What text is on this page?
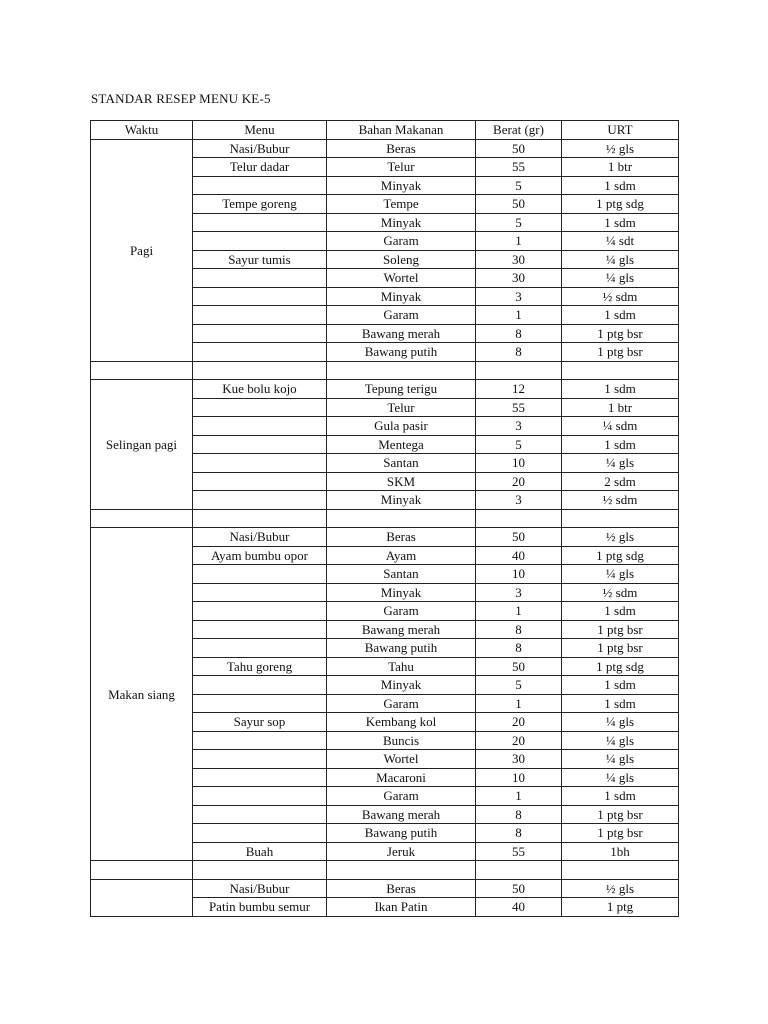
STANDAR RESEP MENU KE-5
Waktu	Menu	Bahan Makanan	Berat (gr)	URT
Pagi	Nasi/Bubur	Beras	50	½ gls
	Telur dadar	Telur	55	1 btr
		Minyak	5	1 sdm
	Tempe goreng	Tempe	50	1 ptg sdg
		Minyak	5	1 sdm
		Garam	1	¼ sdt
	Sayur tumis	Soleng	30	¼ gls
		Wortel	30	¼ gls
		Minyak	3	½ sdm
		Garam	1	1 sdm
		Bawang merah	8	1 ptg bsr
		Bawang putih	8	1 ptg bsr

Selingan pagi	Kue bolu kojo	Tepung terigu	12	1 sdm
		Telur	55	1 btr
		Gula pasir	3	¼ sdm
		Mentega	5	1 sdm
		Santan	10	¼ gls
		SKM	20	2 sdm
		Minyak	3	½ sdm

Makan siang	Nasi/Bubur	Beras	50	½ gls
	Ayam bumbu opor	Ayam	40	1 ptg sdg
		Santan	10	¼ gls
		Minyak	3	½ sdm
		Garam	1	1 sdm
		Bawang merah	8	1 ptg bsr
		Bawang putih	8	1 ptg bsr
	Tahu goreng	Tahu	50	1 ptg sdg
		Minyak	5	1 sdm
		Garam	1	1 sdm
	Sayur sop	Kembang kol	20	¼ gls
		Buncis	20	¼ gls
		Wortel	30	¼ gls
		Macaroni	10	¼ gls
		Garam	1	1 sdm
		Bawang merah	8	1 ptg bsr
		Bawang putih	8	1 ptg bsr
	Buah	Jeruk	55	1bh

	Nasi/Bubur	Beras	50	½ gls
	Patin bumbu semur	Ikan Patin	40	1 ptg
